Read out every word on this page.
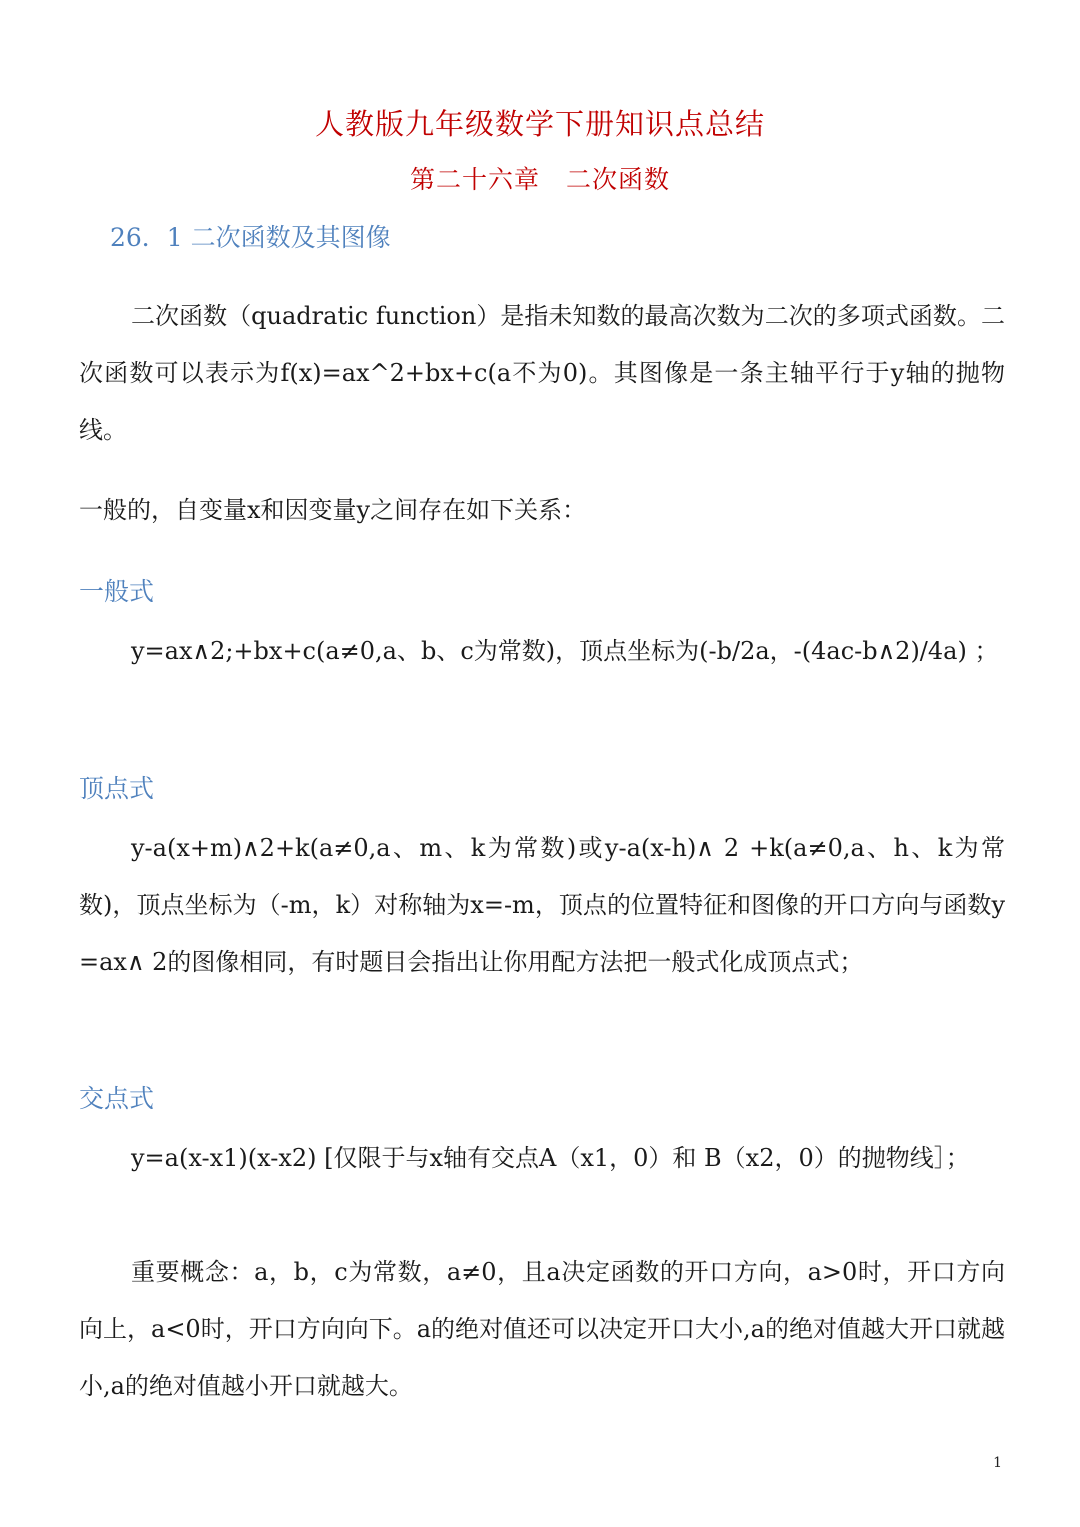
人教版九年级数学下册知识点总结
第二十六章 二次函数
26．1 二次函数及其图像

二次函数（quadratic function）是指未知数的最高次数为二次的多项式函数。二次函数可以表示为f(x)=ax^2+bx+c(a不为0)。其图像是一条主轴平行于y轴的抛物线。

一般的，自变量x和因变量y之间存在如下关系：

一般式

y=ax∧2;+bx+c(a≠0,a、b、c为常数)，顶点坐标为(-b/2a，-(4ac-b∧2)/4a) ；

顶点式

y-a(x+m)∧2+k(a≠0,a、m、k为常数)或y-a(x-h)∧ 2 +k(a≠0,a、h、k为常数)，顶点坐标为（-m，k）对称轴为x=-m，顶点的位置特征和图像的开口方向与函数y =ax∧ 2的图像相同，有时题目会指出让你用配方法把一般式化成顶点式；

交点式

y=a(x-x1)(x-x2) [仅限于与x轴有交点A（x1，0）和 B（x2，0）的抛物线］；

重要概念：a，b，c为常数，a≠0，且a决定函数的开口方向，a>0时，开口方向向上，a<0时，开口方向向下。a的绝对值还可以决定开口大小,a的绝对值越大开口就越小,a的绝对值越小开口就越大。

1
